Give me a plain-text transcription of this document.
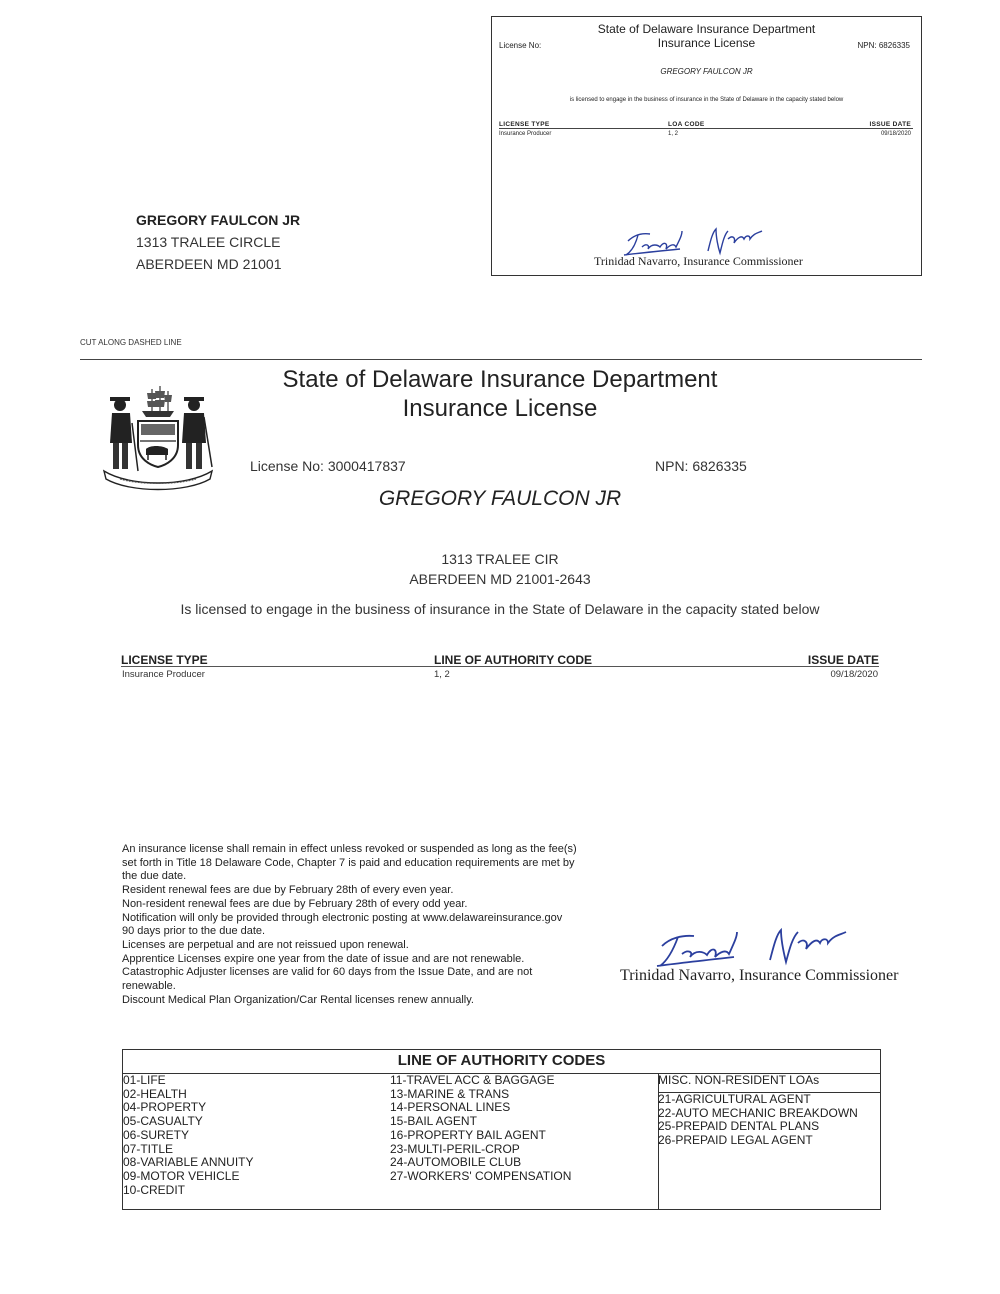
State of Delaware Insurance Department
Insurance License
License No:	NPN: 6826335
GREGORY FAULCON JR
is licensed to engage in the business of insurance in the State of Delaware in the capacity stated below
LICENSE TYPE	LOA CODE	ISSUE DATE
Insurance Producer	1, 2	09/18/2020
Trinidad Navarro, Insurance Commissioner
GREGORY FAULCON JR
1313 TRALEE CIRCLE
ABERDEEN MD 21001
CUT ALONG DASHED LINE
State of Delaware Insurance Department
Insurance License
License No: 3000417837	NPN: 6826335
GREGORY FAULCON JR
1313 TRALEE CIR
ABERDEEN MD 21001-2643
Is licensed to engage in the business of insurance in the State of Delaware in the capacity stated below
LICENSE TYPE	LINE OF AUTHORITY CODE	ISSUE DATE
Insurance Producer	1, 2	09/18/2020
An insurance license shall remain in effect unless revoked or suspended as long as the fee(s)
set forth in Title 18 Delaware Code, Chapter 7 is paid and education requirements are met by
the due date.
Resident renewal fees are due by February 28th of every even year.
Non-resident renewal fees are due by February 28th of every odd year.
Notification will only be provided through electronic posting at www.delawareinsurance.gov
90 days prior to the due date.
Licenses are perpetual and are not reissued upon renewal.
Apprentice Licenses expire one year from the date of issue and are not renewable.
Catastrophic Adjuster licenses are valid for 60 days from the Issue Date, and are not
renewable.
Discount Medical Plan Organization/Car Rental licenses renew annually.
Trinidad Navarro, Insurance Commissioner
LINE OF AUTHORITY CODES
01-LIFE
02-HEALTH
04-PROPERTY
05-CASUALTY
06-SURETY
07-TITLE
08-VARIABLE ANNUITY
09-MOTOR VEHICLE
10-CREDIT
11-TRAVEL ACC & BAGGAGE
13-MARINE & TRANS
14-PERSONAL LINES
15-BAIL AGENT
16-PROPERTY BAIL AGENT
23-MULTI-PERIL-CROP
24-AUTOMOBILE CLUB
27-WORKERS' COMPENSATION
MISC. NON-RESIDENT LOAs
21-AGRICULTURAL AGENT
22-AUTO MECHANIC BREAKDOWN
25-PREPAID DENTAL PLANS
26-PREPAID LEGAL AGENT
